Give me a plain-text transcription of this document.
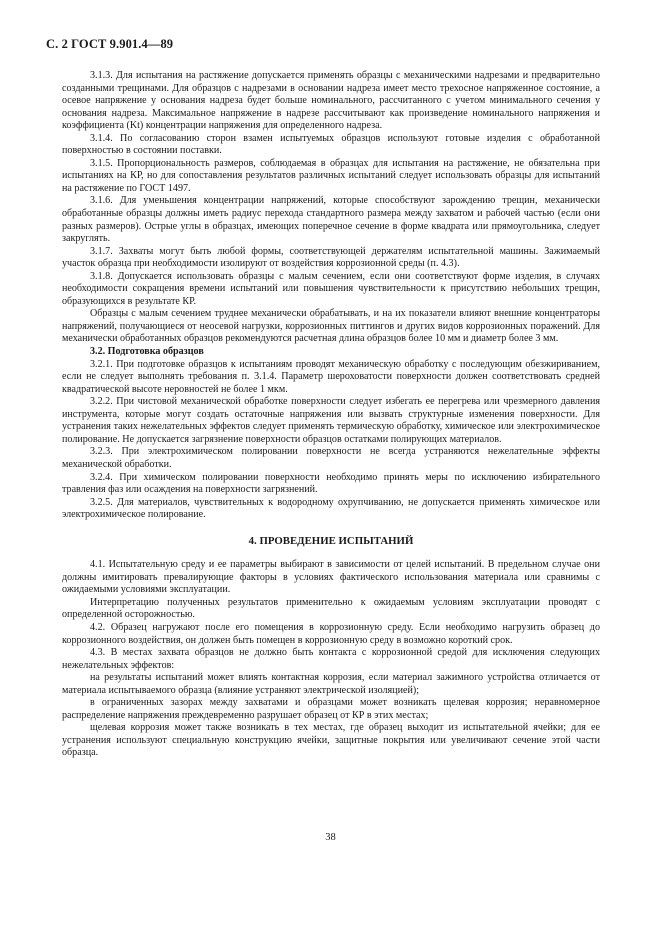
С. 2 ГОСТ 9.901.4—89

3.1.3. Для испытания на растяжение допускается применять образцы с механическими надрезами и предварительно созданными трещинами. Для образцов с надрезами в основании надреза имеет место трехосное напряженное состояние, а осевое напряжение у основания надреза будет больше номинального, рассчитанного с учетом минимального сечения у основания надреза. Максимальное напряжение в надрезе рассчитывают как произведение номинального напряжения и коэффициента (Kt) концентрации напряжения для определенного надреза.

3.1.4. По согласованию сторон взамен испытуемых образцов используют готовые изделия с обработанной поверхностью в состоянии поставки.

3.1.5. Пропорциональность размеров, соблюдаемая в образцах для испытания на растяжение, не обязательна при испытаниях на КР, но для сопоставления результатов различных испытаний следует использовать образцы для испытаний на растяжение по ГОСТ 1497.

3.1.6. Для уменьшения концентрации напряжений, которые способствуют зарождению трещин, механически обработанные образцы должны иметь радиус перехода стандартного размера между захватом и рабочей частью (если они разных размеров). Острые углы в образцах, имеющих поперечное сечение в форме квадрата или прямоугольника, следует закруглять.

3.1.7. Захваты могут быть любой формы, соответствующей держателям испытательной машины. Зажимаемый участок образца при необходимости изолируют от воздействия коррозионной среды (п. 4.3).

3.1.8. Допускается использовать образцы с малым сечением, если они соответствуют форме изделия, в случаях необходимости сокращения времени испытаний или повышения чувствительности к присутствию небольших трещин, образующихся в результате КР.

Образцы с малым сечением труднее механически обрабатывать, и на их показатели влияют внешние концентраторы напряжений, получающиеся от неосевой нагрузки, коррозионных питтингов и других видов коррозионных поражений. Для механически обработанных образцов рекомендуются расчетная длина образцов более 10 мм и диаметр более 3 мм.

3.2. Подготовка образцов

3.2.1. При подготовке образцов к испытаниям проводят механическую обработку с последующим обезжириванием, если не следует выполнять требования п. 3.1.4. Параметр шероховатости поверхности должен соответствовать средней квадратической высоте неровностей не более 1 мкм.

3.2.2. При чистовой механической обработке поверхности следует избегать ее перегрева или чрезмерного давления инструмента, которые могут создать остаточные напряжения или вызвать структурные изменения поверхности. Для устранения таких нежелательных эффектов следует применять термическую обработку, химическое или электрохимическое полирование. Не допускается загрязнение поверхности образцов остатками полирующих материалов.

3.2.3. При электрохимическом полировании поверхности не всегда устраняются нежелательные эффекты механической обработки.

3.2.4. При химическом полировании поверхности необходимо принять меры по исключению избирательного травления фаз или осаждения на поверхности загрязнений.

3.2.5. Для материалов, чувствительных к водородному охрупчиванию, не допускается применять химическое или электрохимическое полирование.

4. ПРОВЕДЕНИЕ ИСПЫТАНИЙ

4.1. Испытательную среду и ее параметры выбирают в зависимости от целей испытаний. В предельном случае они должны имитировать превалирующие факторы в условиях фактического использования материала или сравнимы с ожидаемыми условиями эксплуатации.

Интерпретацию полученных результатов применительно к ожидаемым условиям эксплуатации проводят с определенной осторожностью.

4.2. Образец нагружают после его помещения в коррозионную среду. Если необходимо нагрузить образец до коррозионного воздействия, он должен быть помещен в коррозионную среду в возможно короткий срок.

4.3. В местах захвата образцов не должно быть контакта с коррозионной средой для исключения следующих нежелательных эффектов:

на результаты испытаний может влиять контактная коррозия, если материал зажимного устройства отличается от материала испытываемого образца (влияние устраняют электрической изоляцией);

в ограниченных зазорах между захватами и образцами может возникать щелевая коррозия; неравномерное распределение напряжения преждевременно разрушает образец от КР в этих местах;

щелевая коррозия может также возникать в тех местах, где образец выходит из испытательной ячейки; для ее устранения используют специальную конструкцию ячейки, защитные покрытия или увеличивают сечение этой части образца.

38
